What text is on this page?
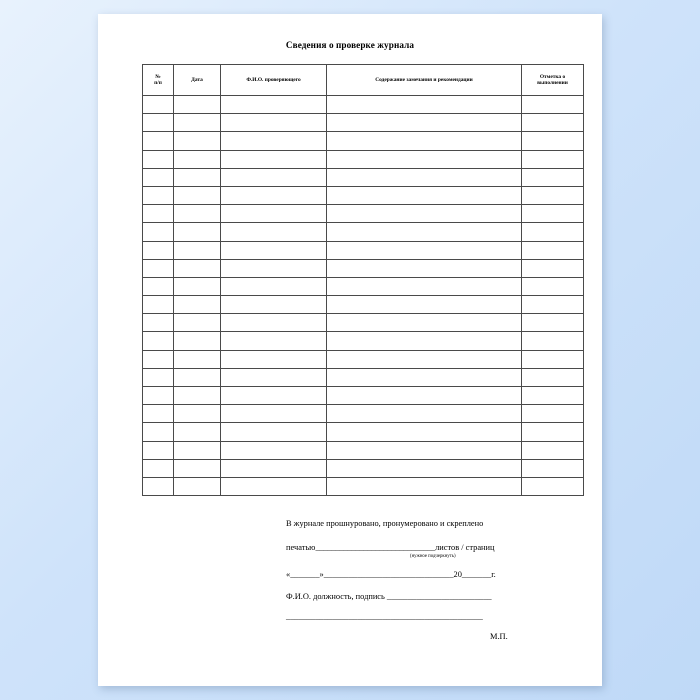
Сведения о проверке журнала
№
п/п	Дата	Ф.И.О. проверяющего	Содержание замечания и рекомендации	Отметка о
выполнении

В журнале прошнуровано, пронумеровано и скреплено
печатью______________________________листов / страниц
(нужное подчеркнуть)
«_______»_______________________________20_______г.
Ф.И.О. должность, подпись _________________________
_______________________________________________
М.П.
